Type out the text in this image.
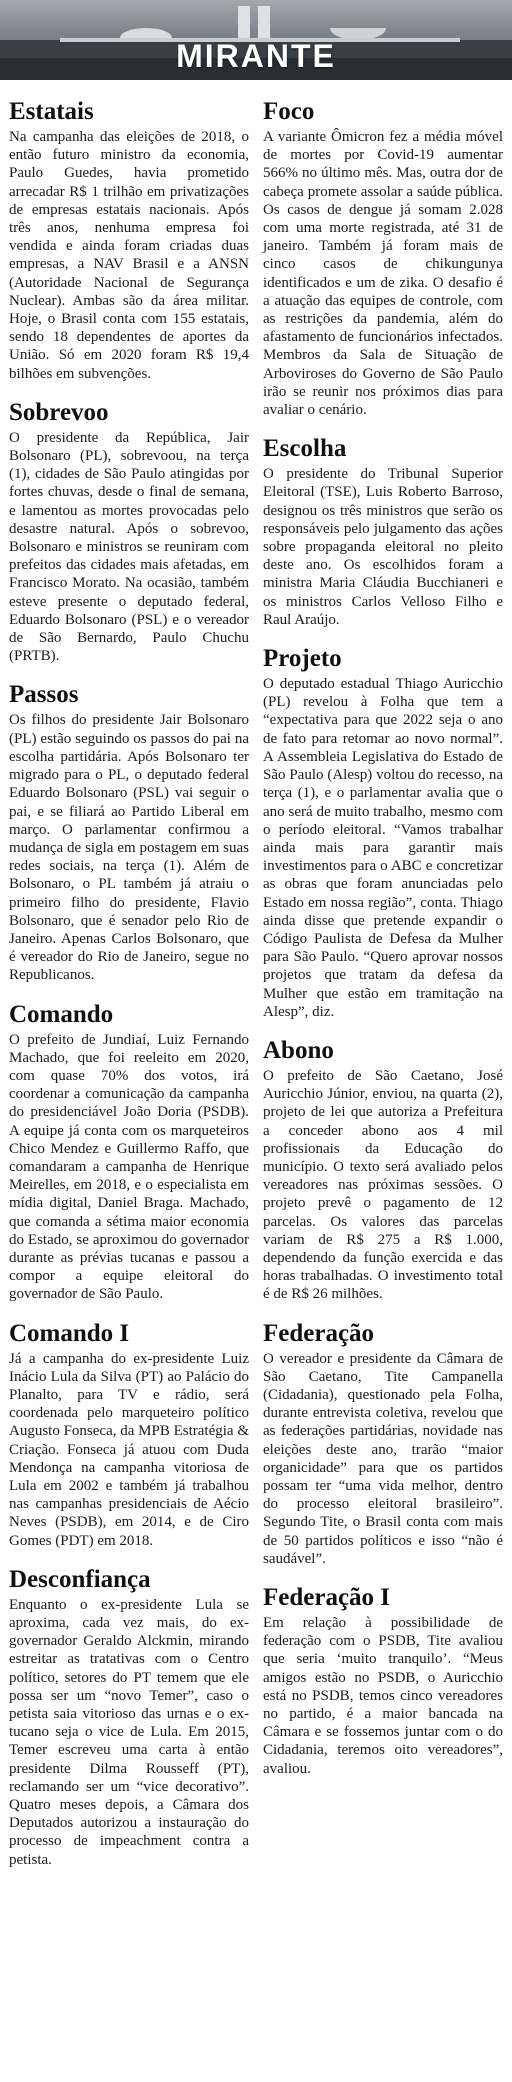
MIRANTE
Estatais

Na campanha das eleições de 2018, o então futuro ministro da economia, Paulo Guedes, havia prometido arrecadar R$ 1 trilhão em privatizações de empresas estatais nacionais. Após três anos, nenhuma empresa foi vendida e ainda foram criadas duas empresas, a NAV Brasil e a ANSN (Autoridade Nacional de Segurança Nuclear). Ambas são da área militar. Hoje, o Brasil conta com 155 estatais, sendo 18 dependentes de aportes da União. Só em 2020 foram R$ 19,4 bilhões em subvenções.

Sobrevoo

O presidente da República, Jair Bolsonaro (PL), sobrevoou, na terça (1), cidades de São Paulo atingidas por fortes chuvas, desde o final de semana, e lamentou as mortes provocadas pelo desastre natural. Após o sobrevoo, Bolsonaro e ministros se reuniram com prefeitos das cidades mais afetadas, em Francisco Morato. Na ocasião, também esteve presente o deputado federal, Eduardo Bolsonaro (PSL) e o vereador de São Bernardo, Paulo Chuchu (PRTB).

Passos

Os filhos do presidente Jair Bolsonaro (PL) estão seguindo os passos do pai na escolha partidária. Após Bolsonaro ter migrado para o PL, o deputado federal Eduardo Bolsonaro (PSL) vai seguir o pai, e se filiará ao Partido Liberal em março. O parlamentar confirmou a mudança de sigla em postagem em suas redes sociais, na terça (1). Além de Bolsonaro, o PL também já atraiu o primeiro filho do presidente, Flavio Bolsonaro, que é senador pelo Rio de Janeiro. Apenas Carlos Bolsonaro, que é vereador do Rio de Janeiro, segue no Republicanos.

Comando

O prefeito de Jundiaí, Luiz Fernando Machado, que foi reeleito em 2020, com quase 70% dos votos, irá coordenar a comunicação da campanha do presidenciável João Doria (PSDB). A equipe já conta com os marqueteiros Chico Mendez e Guillermo Raffo, que comandaram a campanha de Henrique Meirelles, em 2018, e o especialista em mídia digital, Daniel Braga. Machado, que comanda a sétima maior economia do Estado, se aproximou do governador durante as prévias tucanas e passou a compor a equipe eleitoral do governador de São Paulo.

Comando I

Já a campanha do ex-presidente Luiz Inácio Lula da Silva (PT) ao Palácio do Planalto, para TV e rádio, será coordenada pelo marqueteiro político Augusto Fonseca, da MPB Estratégia & Criação. Fonseca já atuou com Duda Mendonça na campanha vitoriosa de Lula em 2002 e também já trabalhou nas campanhas presidenciais de Aécio Neves (PSDB), em 2014, e de Ciro Gomes (PDT) em 2018.

Desconfiança

Enquanto o ex-presidente Lula se aproxima, cada vez mais, do ex-governador Geraldo Alckmin, mirando estreitar as tratativas com o Centro político, setores do PT temem que ele possa ser um “novo Temer”, caso o petista saia vitorioso das urnas e o ex-tucano seja o vice de Lula. Em 2015, Temer escreveu uma carta à então presidente Dilma Rousseff (PT), reclamando ser um “vice decorativo”. Quatro meses depois, a Câmara dos Deputados autorizou a instauração do processo de impeachment contra a petista.

Foco

A variante Ômicron fez a média móvel de mortes por Covid-19 aumentar 566% no último mês. Mas, outra dor de cabeça promete assolar a saúde pública. Os casos de dengue já somam 2.028 com uma morte registrada, até 31 de janeiro. Também já foram mais de cinco casos de chikungunya identificados e um de zika. O desafio é a atuação das equipes de controle, com as restrições da pandemia, além do afastamento de funcionários infectados. Membros da Sala de Situação de Arboviroses do Governo de São Paulo irão se reunir nos próximos dias para avaliar o cenário.

Escolha

O presidente do Tribunal Superior Eleitoral (TSE), Luis Roberto Barroso, designou os três ministros que serão os responsáveis pelo julgamento das ações sobre propaganda eleitoral no pleito deste ano. Os escolhidos foram a ministra Maria Cláudia Bucchianeri e os ministros Carlos Velloso Filho e Raul Araújo.

Projeto

O deputado estadual Thiago Auricchio (PL) revelou à Folha que tem a “expectativa para que 2022 seja o ano de fato para retomar ao novo normal”. A Assembleia Legislativa do Estado de São Paulo (Alesp) voltou do recesso, na terça (1), e o parlamentar avalia que o ano será de muito trabalho, mesmo com o período eleitoral. “Vamos trabalhar ainda mais para garantir mais investimentos para o ABC e concretizar as obras que foram anunciadas pelo Estado em nossa região”, conta. Thiago ainda disse que pretende expandir o Código Paulista de Defesa da Mulher para São Paulo. “Quero aprovar nossos projetos que tratam da defesa da Mulher que estão em tramitação na Alesp”, diz.

Abono

O prefeito de São Caetano, José Auricchio Júnior, enviou, na quarta (2), projeto de lei que autoriza a Prefeitura a conceder abono aos 4 mil profissionais da Educação do município. O texto será avaliado pelos vereadores nas próximas sessões. O projeto prevê o pagamento de 12 parcelas. Os valores das parcelas variam de R$ 275 a R$ 1.000, dependendo da função exercida e das horas trabalhadas. O investimento total é de R$ 26 milhões.

Federação

O vereador e presidente da Câmara de São Caetano, Tite Campanella (Cidadania), questionado pela Folha, durante entrevista coletiva, revelou que as federações partidárias, novidade nas eleições deste ano, trarão “maior organicidade” para que os partidos possam ter “uma vida melhor, dentro do processo eleitoral brasileiro”. Segundo Tite, o Brasil conta com mais de 50 partidos políticos e isso “não é saudável”.

Federação I

Em relação à possibilidade de federação com o PSDB, Tite avaliou que seria ‘muito tranquilo’. “Meus amigos estão no PSDB, o Auricchio está no PSDB, temos cinco vereadores no partido, é a maior bancada na Câmara e se fossemos juntar com o do Cidadania, teremos oito vereadores”, avaliou.
